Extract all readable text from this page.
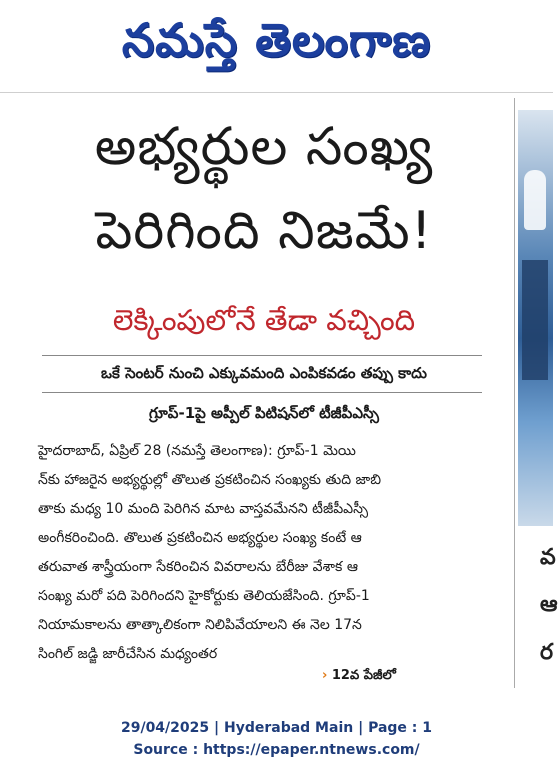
నమస్తే తెలంగాణ
వ
ఆ
ర
అభ్యర్థుల సంఖ్య
పెరిగింది నిజమే!
లెక్కింపులోనే తేడా వచ్చింది
ఒకే సెంటర్ నుంచి ఎక్కువమంది ఎంపికవడం తప్పు కాదు
గ్రూప్-1పై అప్పీల్ పిటిషన్‌లో టీజీపీఎస్సీ
హైదరాబాద్, ఏప్రిల్ 28 (నమస్తే తెలంగాణ): గ్రూప్-1 మెయి
న్‌కు హాజరైన అభ్యర్థుల్లో తొలుత ప్రకటించిన సంఖ్యకు తుది జాబి
తాకు మధ్య 10 మంది పెరిగిన మాట వాస్తవమేనని టీజీపీఎస్సీ
అంగీకరించింది. తొలుత ప్రకటించిన అభ్యర్థుల సంఖ్య కంటే ఆ
తరువాత శాస్త్రీయంగా సేకరించిన వివరాలను బేరీజు వేశాక ఆ
సంఖ్య మరో పది పెరిగిందని హైకోర్టుకు తెలియజేసింది. గ్రూప్-1
నియామకాలను తాత్కాలికంగా నిలిపివేయాలని ఈ నెల 17న
సింగిల్ జడ్జి జారీచేసిన మధ్యంతర
› 12వ పేజీలో
29/04/2025 | Hyderabad Main | Page : 1
Source : https://epaper.ntnews.com/
